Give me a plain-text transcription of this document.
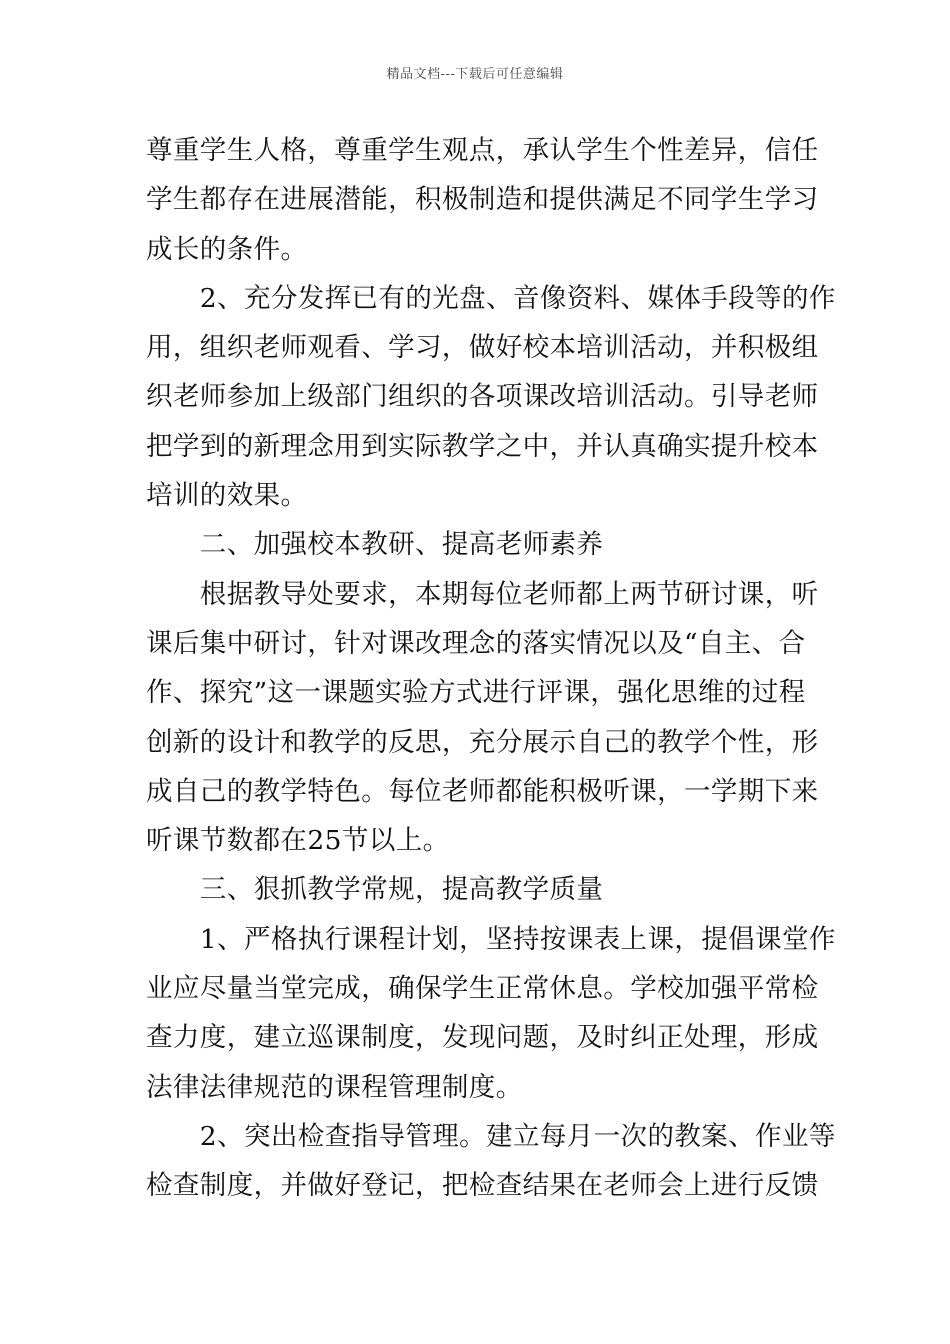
精品文档---下载后可任意编辑
尊重学生人格，尊重学生观点，承认学生个性差异，信任
学生都存在进展潜能，积极制造和提供满足不同学生学习
成长的条件。
　　2、充分发挥已有的光盘、音像资料、媒体手段等的作
用，组织老师观看、学习，做好校本培训活动，并积极组
织老师参加上级部门组织的各项课改培训活动。引导老师
把学到的新理念用到实际教学之中，并认真确实提升校本
培训的效果。
　　二、加强校本教研、提高老师素养
　　根据教导处要求，本期每位老师都上两节研讨课，听
课后集中研讨，针对课改理念的落实情况以及“自主、合
作、探究”这一课题实验方式进行评课，强化思维的过程
创新的设计和教学的反思，充分展示自己的教学个性，形
成自己的教学特色。每位老师都能积极听课，一学期下来
听课节数都在25节以上。
　　三、狠抓教学常规，提高教学质量
　　1、严格执行课程计划，坚持按课表上课，提倡课堂作
业应尽量当堂完成，确保学生正常休息。学校加强平常检
查力度，建立巡课制度，发现问题，及时纠正处理，形成
法律法律规范的课程管理制度。
　　2、突出检查指导管理。建立每月一次的教案、作业等
检查制度，并做好登记，把检查结果在老师会上进行反馈
